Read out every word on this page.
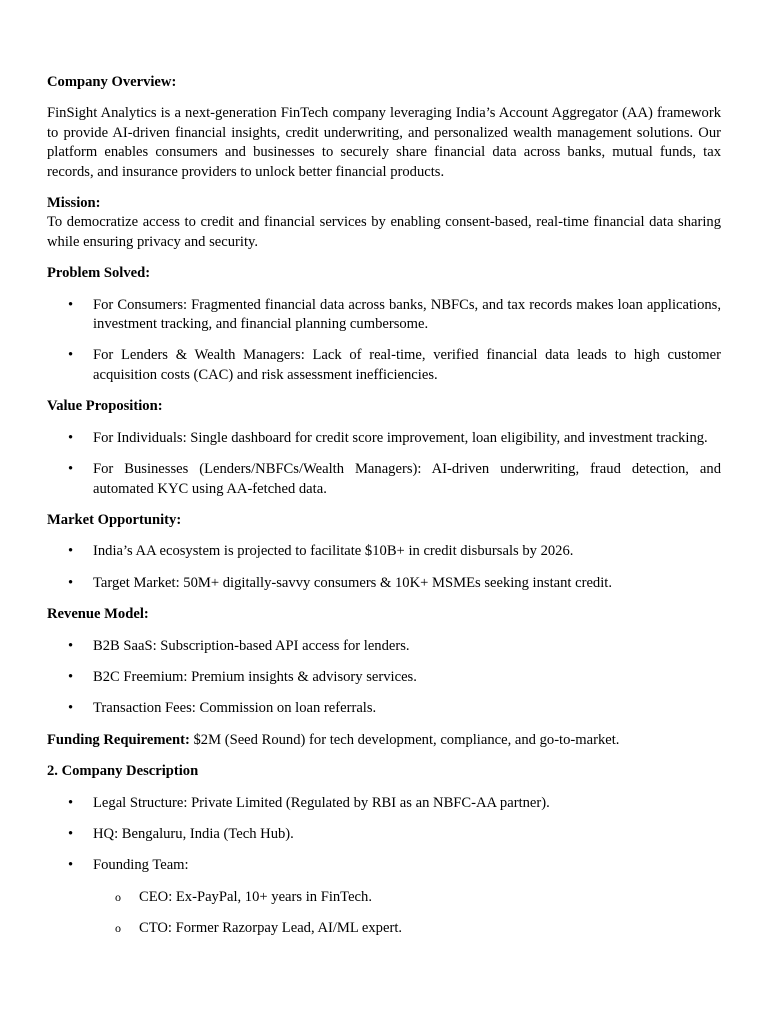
Company Overview:

FinSight Analytics is a next-generation FinTech company leveraging India’s Account Aggregator (AA) framework to provide AI-driven financial insights, credit underwriting, and personalized wealth management solutions. Our platform enables consumers and businesses to securely share financial data across banks, mutual funds, tax records, and insurance providers to unlock better financial products.

Mission:

To democratize access to credit and financial services by enabling consent-based, real-time financial data sharing while ensuring privacy and security.

Problem Solved:
•	For Consumers: Fragmented financial data across banks, NBFCs, and tax records makes loan applications, investment tracking, and financial planning cumbersome.
•	For Lenders & Wealth Managers: Lack of real-time, verified financial data leads to high customer acquisition costs (CAC) and risk assessment inefficiencies.
Value Proposition:
•	For Individuals: Single dashboard for credit score improvement, loan eligibility, and investment tracking.
•	For Businesses (Lenders/NBFCs/Wealth Managers): AI-driven underwriting, fraud detection, and automated KYC using AA-fetched data.
Market Opportunity:
•	India’s AA ecosystem is projected to facilitate $10B+ in credit disbursals by 2026.
•	Target Market: 50M+ digitally-savvy consumers & 10K+ MSMEs seeking instant credit.
Revenue Model:
•	B2B SaaS: Subscription-based API access for lenders.
•	B2C Freemium: Premium insights & advisory services.
•	Transaction Fees: Commission on loan referrals.

Funding Requirement: $2M (Seed Round) for tech development, compliance, and go-to-market.

2. Company Description
•	Legal Structure: Private Limited (Regulated by RBI as an NBFC-AA partner).
•	HQ: Bengaluru, India (Tech Hub).
•	Founding Team:
o CEO: Ex-PayPal, 10+ years in FinTech.
o CTO: Former Razorpay Lead, AI/ML expert.
